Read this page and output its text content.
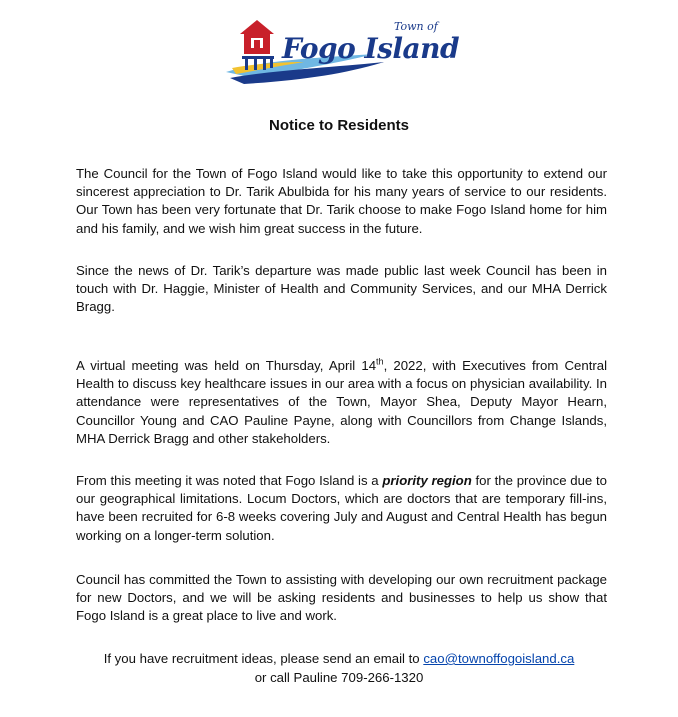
Town of
Fogo Island
Notice to Residents

The Council for the Town of Fogo Island would like to take this opportunity to extend our sincerest appreciation to Dr. Tarik Abulbida for his many years of service to our residents. Our Town has been very fortunate that Dr. Tarik choose to make Fogo Island home for him and his family, and we wish him great success in the future.

Since the news of Dr. Tarik’s departure was made public last week Council has been in touch with Dr. Haggie, Minister of Health and Community Services, and our MHA Derrick Bragg.

A virtual meeting was held on Thursday, April 14th, 2022, with Executives from Central Health to discuss key healthcare issues in our area with a focus on physician availability. In attendance were representatives of the Town, Mayor Shea, Deputy Mayor Hearn, Councillor Young and CAO Pauline Payne, along with Councillors from Change Islands, MHA Derrick Bragg and other stakeholders.

From this meeting it was noted that Fogo Island is a priority region for the province due to our geographical limitations. Locum Doctors, which are doctors that are temporary fill-ins, have been recruited for 6-8 weeks covering July and August and Central Health has begun working on a longer-term solution.

Council has committed the Town to assisting with developing our own recruitment package for new Doctors, and we will be asking residents and businesses to help us show that Fogo Island is a great place to live and work.

If you have recruitment ideas, please send an email to cao@townoffogoisland.ca
or call Pauline 709-266-1320
